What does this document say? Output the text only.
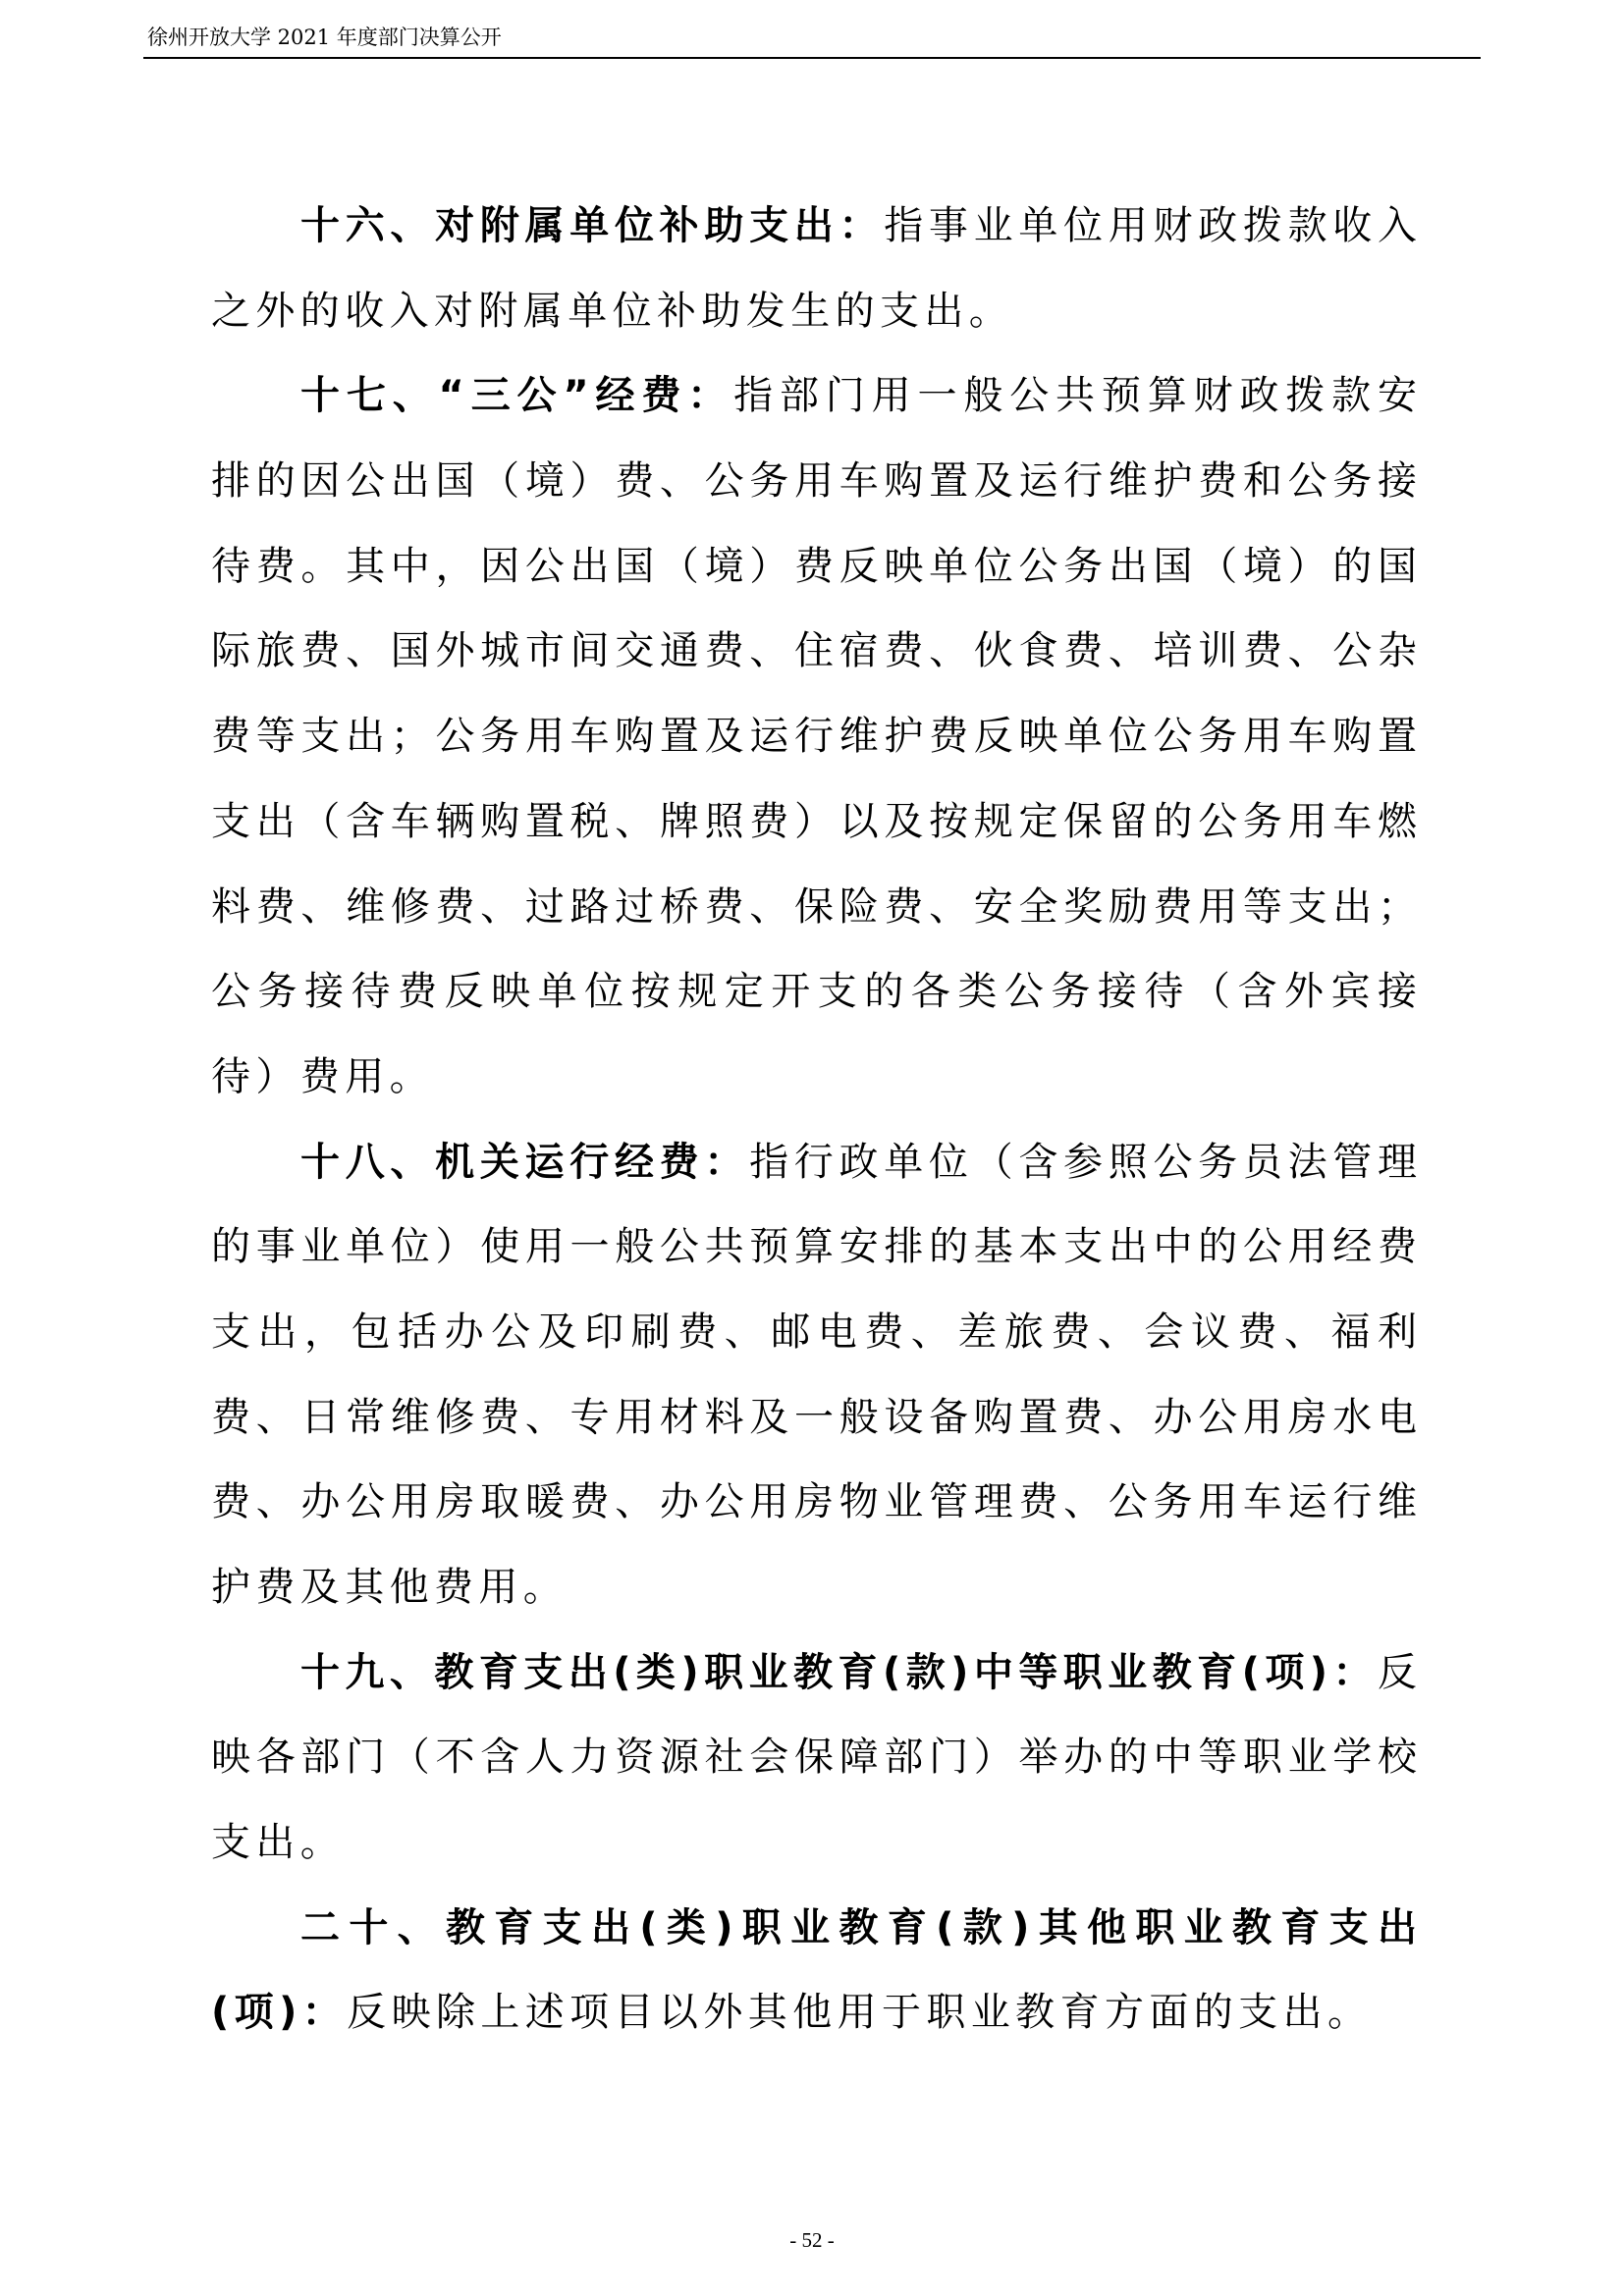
徐州开放大学 2021 年度部门决算公开
十六、对附属单位补助支出：指事业单位用财政拨款收入
之外的收入对附属单位补助发生的支出。
十七、“三公”经费：指部门用一般公共预算财政拨款安
排的因公出国（境）费、公务用车购置及运行维护费和公务接
待费。其中，因公出国（境）费反映单位公务出国（境）的国
际旅费、国外城市间交通费、住宿费、伙食费、培训费、公杂
费等支出；公务用车购置及运行维护费反映单位公务用车购置
支出（含车辆购置税、牌照费）以及按规定保留的公务用车燃
料费、维修费、过路过桥费、保险费、安全奖励费用等支出；
公务接待费反映单位按规定开支的各类公务接待（含外宾接
待）费用。
十八、机关运行经费：指行政单位（含参照公务员法管理
的事业单位）使用一般公共预算安排的基本支出中的公用经费
支出，包括办公及印刷费、邮电费、差旅费、会议费、福利
费、日常维修费、专用材料及一般设备购置费、办公用房水电
费、办公用房取暖费、办公用房物业管理费、公务用车运行维
护费及其他费用。
十九、教育支出(类)职业教育(款)中等职业教育(项)：反
映各部门（不含人力资源社会保障部门）举办的中等职业学校
支出。
二十、教育支出(类)职业教育(款)其他职业教育支出
(项)：反映除上述项目以外其他用于职业教育方面的支出。
- 52 -
